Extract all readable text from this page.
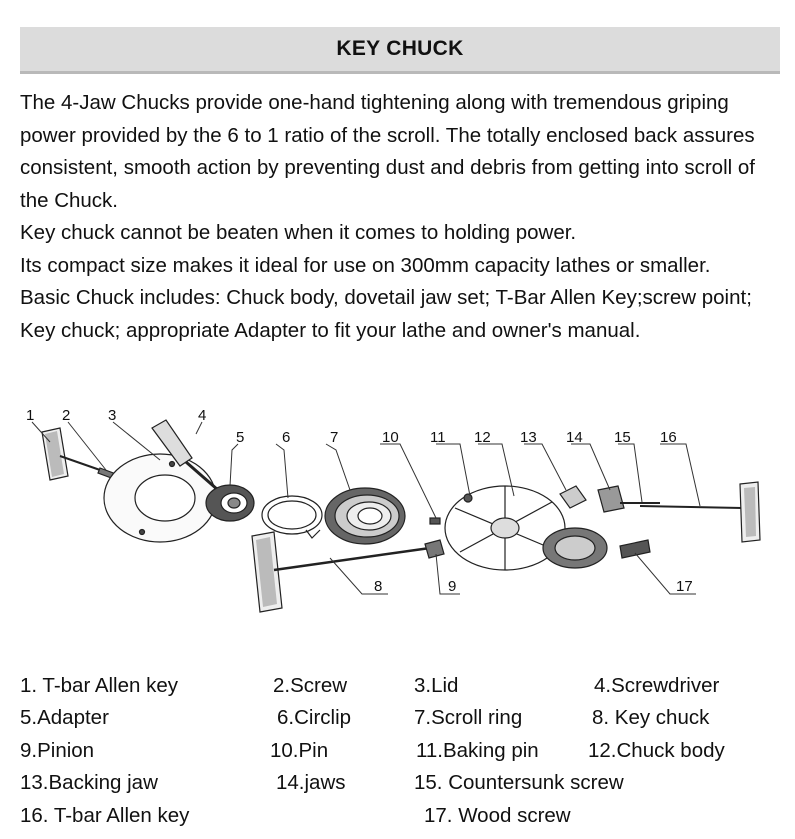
KEY CHUCK

The 4-Jaw Chucks provide one-hand tightening along with tremendous griping power provided by the 6 to 1 ratio of the scroll. The totally enclosed back assures consistent, smooth action by preventing dust and debris from getting into scroll of the Chuck.

Key chuck cannot be beaten when it comes to holding power.

Its compact size makes it ideal for use on 300mm capacity lathes or smaller.

Basic Chuck includes: Chuck body, dovetail jaw set; T-Bar Allen Key;screw point; Key chuck; appropriate Adapter to fit your lathe and owner's manual.

1 2	3	4
5	6	7	10 11 12 13 14 15 16
8	9	17
1. T-bar Allen key	2.Screw	3.Lid	4.Screwdriver
5.Adapter	6.Circlip	7.Scroll ring	8. Key chuck
9.Pinion	10.Pin	11.Baking pin 12.Chuck body
13.Backing jaw	14.jaws	15. Countersunk screw
16. T-bar Allen key	17. Wood screw
